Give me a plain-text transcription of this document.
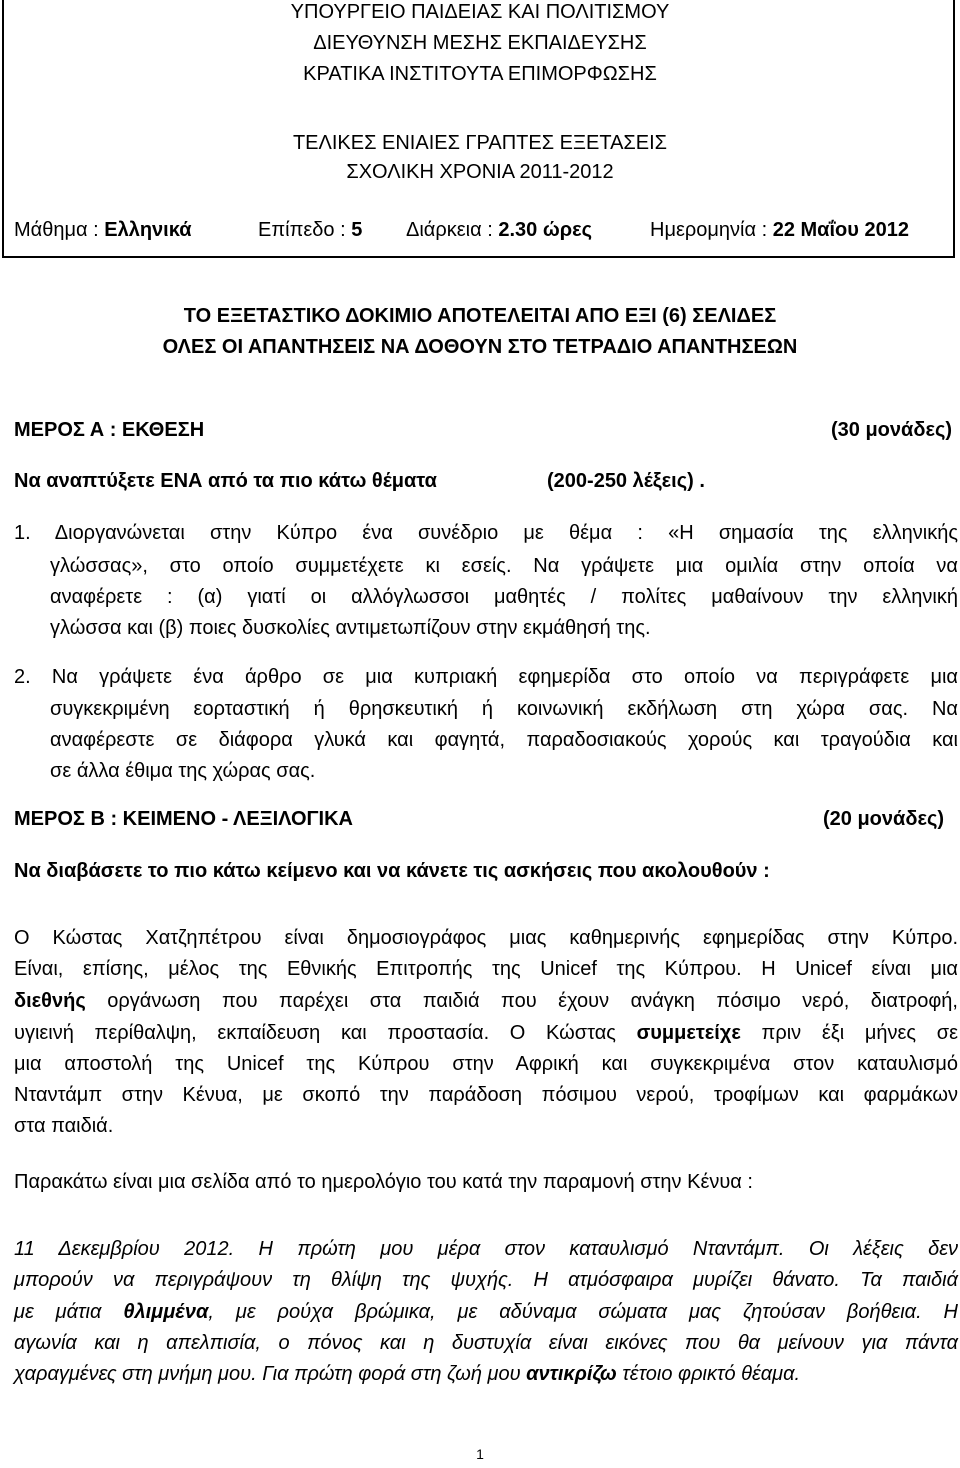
ΥΠΟΥΡΓΕΙΟ ΠΑΙΔΕΙΑΣ ΚΑΙ ΠΟΛΙΤΙΣΜΟΥ
ΔΙΕΥΘΥΝΣΗ ΜΕΣΗΣ ΕΚΠΑΙΔΕΥΣΗΣ
ΚΡΑΤΙΚΑ ΙΝΣΤΙΤΟΥΤΑ ΕΠΙΜΟΡΦΩΣΗΣ
ΤΕΛΙΚΕΣ ΕΝΙΑΙΕΣ ΓΡΑΠΤΕΣ ΕΞΕΤΑΣΕΙΣ
ΣΧΟΛΙΚΗ ΧΡΟΝΙΑ 2011-2012
Μάθημα : Ελληνικά	Επίπεδο : 5 Διάρκεια : 2.30 ώρες	Ημερομηνία : 22 Μαΐου 2012
ΤΟ ΕΞΕΤΑΣΤΙΚΟ ΔΟΚΙΜΙΟ ΑΠΟΤΕΛΕΙΤΑΙ ΑΠΟ ΕΞΙ (6) ΣΕΛΙΔΕΣ
ΟΛΕΣ ΟΙ ΑΠΑΝΤΗΣΕΙΣ ΝΑ ΔΟΘΟΥΝ ΣΤΟ ΤΕΤΡΑΔΙΟ ΑΠΑΝΤΗΣΕΩΝ
ΜΕΡΟΣ Α : ΕΚΘΕΣΗ	(30 μονάδες)
Να αναπτύξετε ΕΝΑ από τα πιο κάτω θέματα	(200-250 λέξεις) .
1. Διοργανώνεται στην Κύπρο ένα συνέδριο με θέμα : «Η σημασία της ελληνικής
γλώσσας», στο οποίο συμμετέχετε κι εσείς. Να γράψετε μια ομιλία στην οποία να
αναφέρετε : (α) γιατί οι αλλόγλωσσοι μαθητές / πολίτες μαθαίνουν την ελληνική
γλώσσα και (β) ποιες δυσκολίες αντιμετωπίζουν στην εκμάθησή της.
2. Να γράψετε ένα άρθρο σε μια κυπριακή εφημερίδα στο οποίο να περιγράφετε μια
συγκεκριμένη εορταστική ή θρησκευτική ή κοινωνική εκδήλωση στη χώρα σας. Να
αναφέρεστε σε διάφορα γλυκά και φαγητά, παραδοσιακούς χορούς και τραγούδια και
σε άλλα έθιμα της χώρας σας.
ΜΕΡΟΣ Β : ΚΕΙΜΕΝΟ - ΛΕΞΙΛΟΓΙΚΑ	(20 μονάδες)
Να διαβάσετε το πιο κάτω κείμενο και να κάνετε τις ασκήσεις που ακολουθούν :
Ο Κώστας Χατζηπέτρου είναι δημοσιογράφος μιας καθημερινής εφημερίδας στην Κύπρο.
Είναι, επίσης, μέλος της Εθνικής Επιτροπής της Unicef της Κύπρου. Η Unicef είναι μια
διεθνής οργάνωση που παρέχει στα παιδιά που έχουν ανάγκη πόσιμο νερό, διατροφή,
υγιεινή περίθαλψη, εκπαίδευση και προστασία. Ο Κώστας συμμετείχε πριν έξι μήνες σε
μια αποστολή της Unicef της Κύπρου στην Αφρική και συγκεκριμένα στον καταυλισμό
Νταντάμπ στην Κένυα, με σκοπό την παράδοση πόσιμου νερού, τροφίμων και φαρμάκων
στα παιδιά.
Παρακάτω είναι μια σελίδα από το ημερολόγιο του κατά την παραμονή στην Κένυα :
11 Δεκεμβρίου 2012. Η πρώτη μου μέρα στον καταυλισμό Νταντάμπ. Οι λέξεις δεν
μπορούν να περιγράψουν τη θλίψη της ψυχής. Η ατμόσφαιρα μυρίζει θάνατο. Τα παιδιά
με μάτια θλιμμένα, με ρούχα βρώμικα, με αδύναμα σώματα μας ζητούσαν βοήθεια. Η
αγωνία και η απελπισία, ο πόνος και η δυστυχία είναι εικόνες που θα μείνουν για πάντα
χαραγμένες στη μνήμη μου. Για πρώτη φορά στη ζωή μου αντικρίζω τέτοιο φρικτό θέαμα.
1
